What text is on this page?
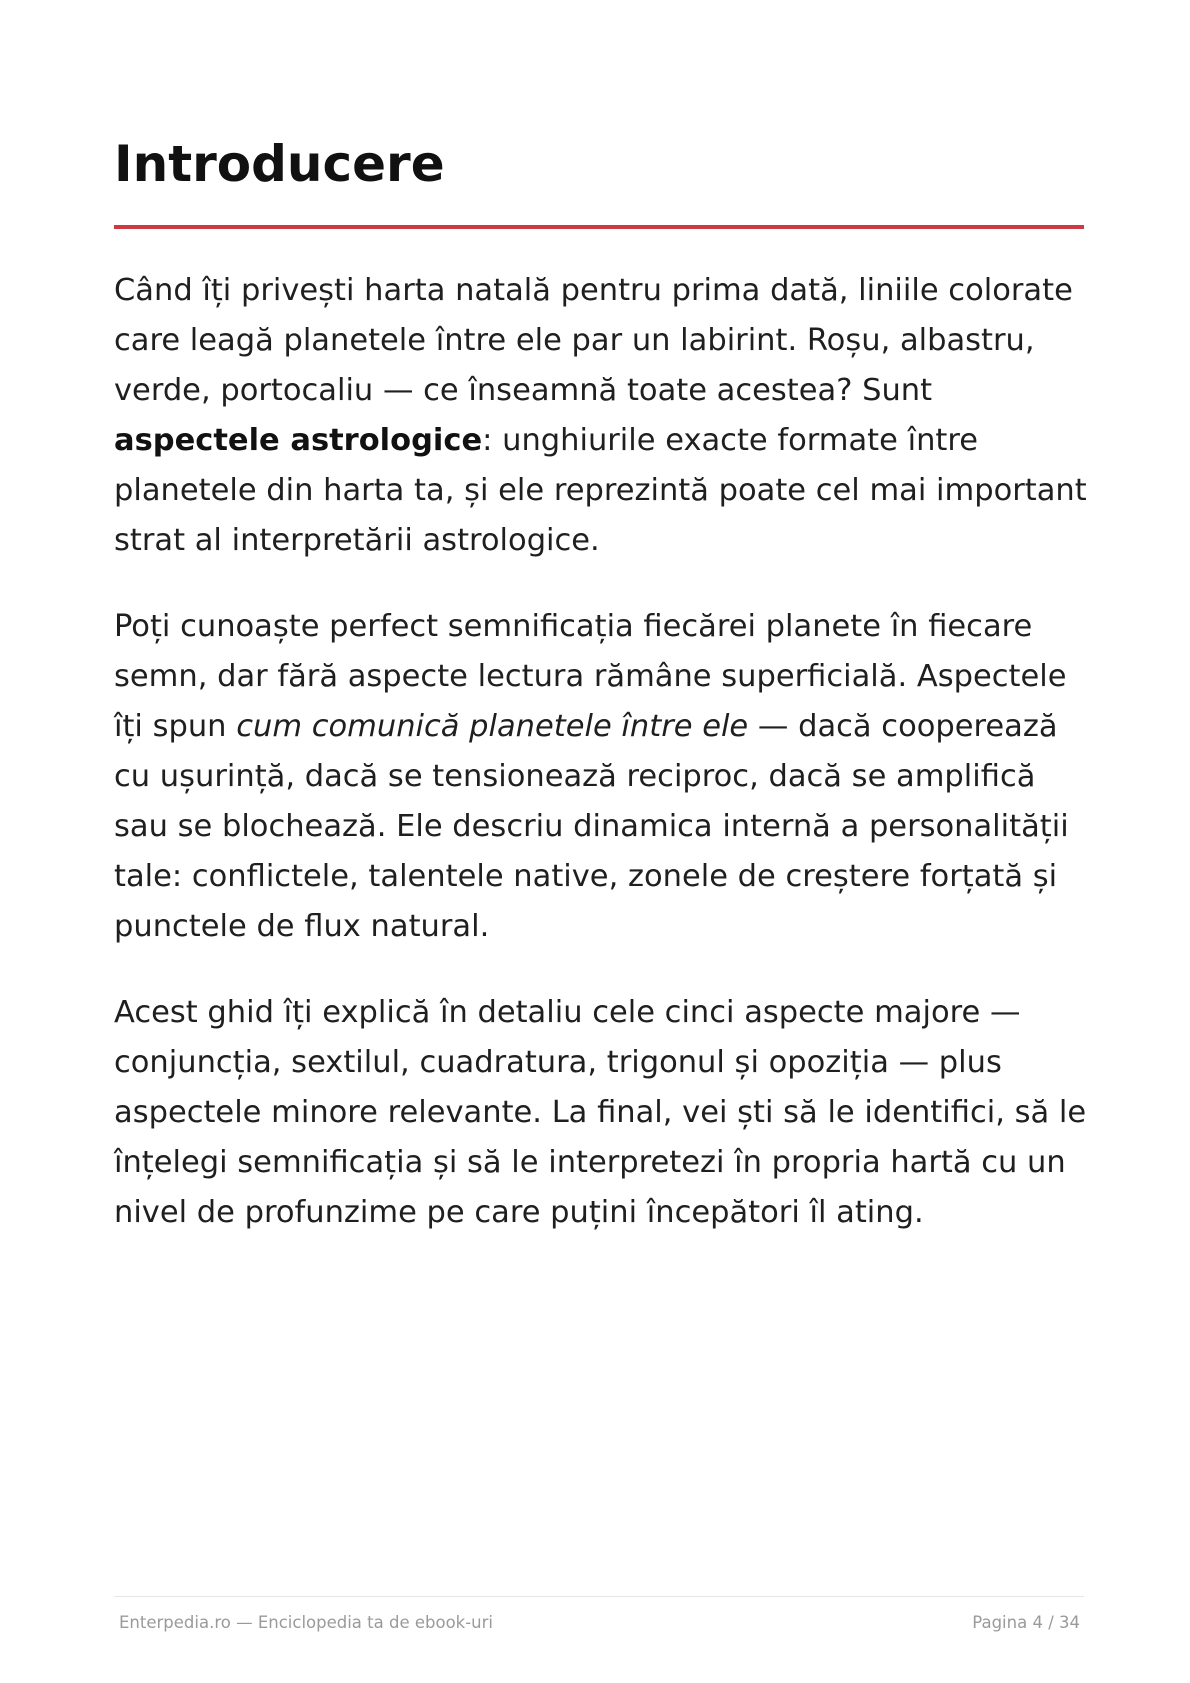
Introducere

Când îți privești harta natală pentru prima dată, liniile colorate care leagă planetele între ele par un labirint. Roșu, albastru, verde, portocaliu — ce înseamnă toate acestea? Sunt aspectele astrologice: unghiurile exacte formate între planetele din harta ta, și ele reprezintă poate cel mai important strat al interpretării astrologice.

Poți cunoaște perfect semnificația fiecărei planete în fiecare semn, dar fără aspecte lectura rămâne superficială. Aspectele îți spun cum comunică planetele între ele — dacă cooperează cu ușurință, dacă se tensionează reciproc, dacă se amplifică sau se blochează. Ele descriu dinamica internă a personalității tale: conflictele, talentele native, zonele de creștere forțată și punctele de flux natural.

Acest ghid îți explică în detaliu cele cinci aspecte majore — conjuncția, sextilul, cuadratura, trigonul și opoziția — plus aspectele minore relevante. La final, vei ști să le identifici, să le înțelegi semnificația și să le interpretezi în propria hartă cu un nivel de profunzime pe care puțini începători îl ating.

Enterpedia.ro — Enciclopedia ta de ebook-uri	Pagina 4 / 34
